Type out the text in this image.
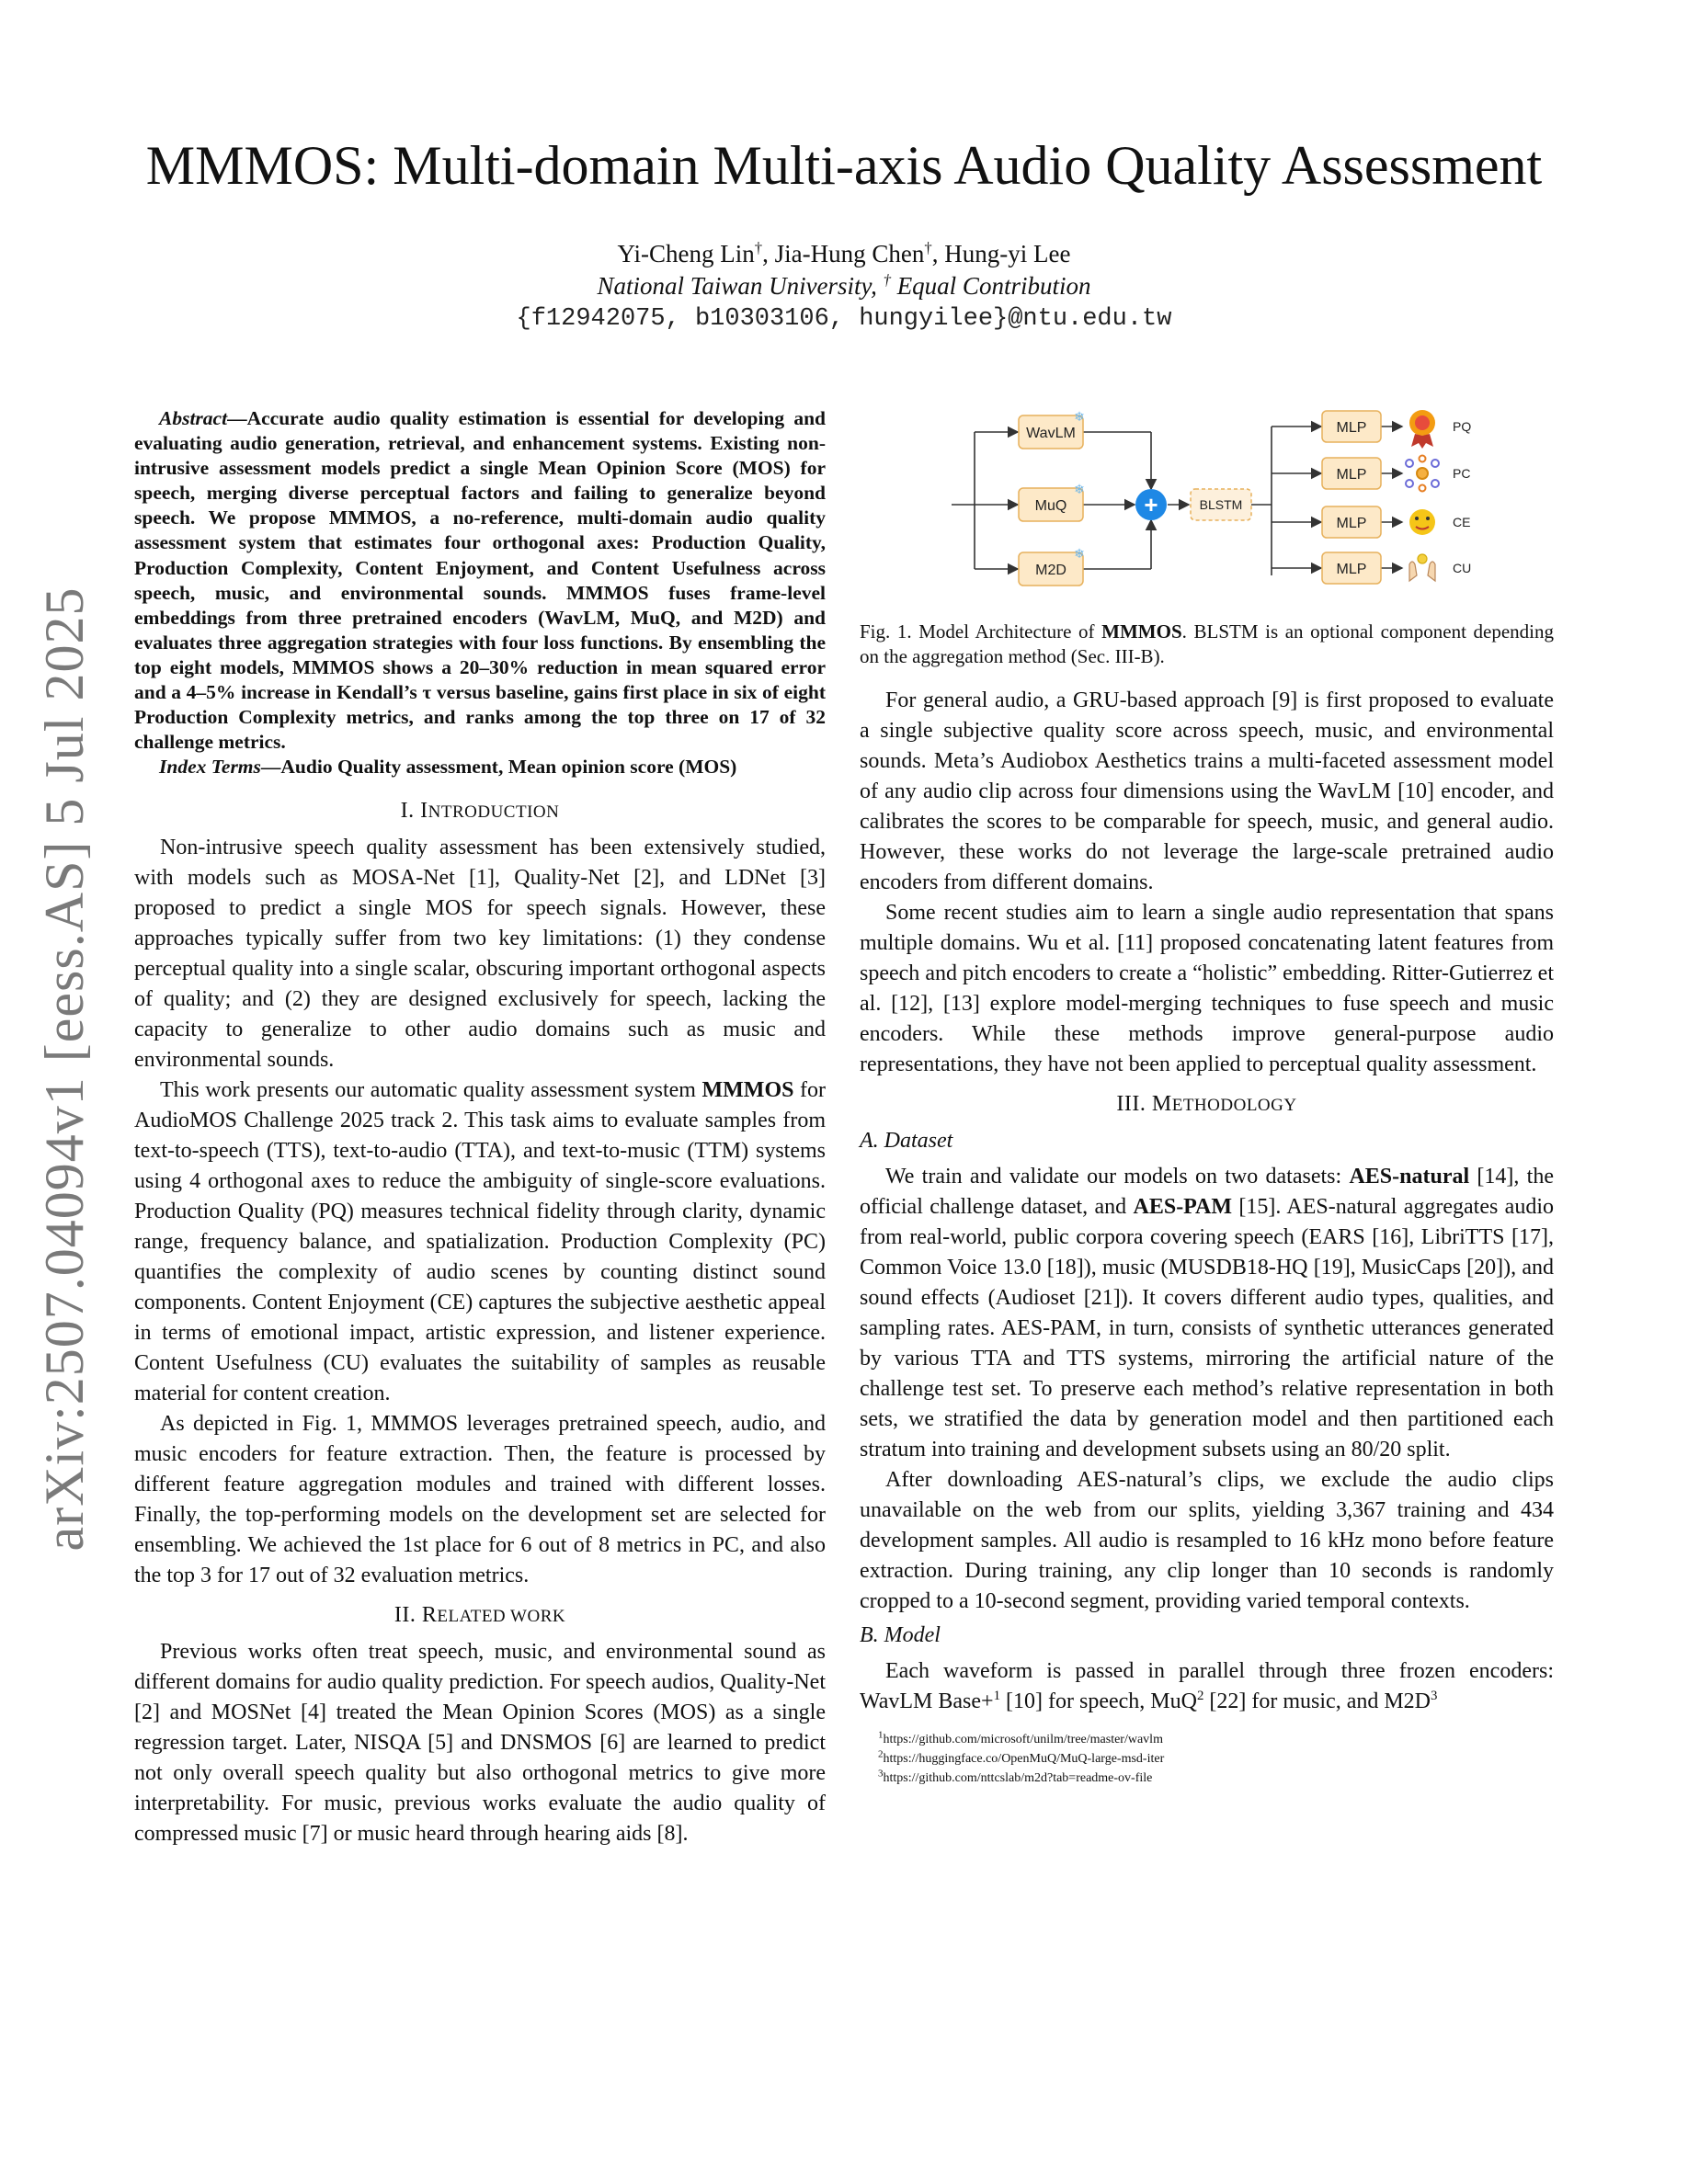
MMMOS: Multi-domain Multi-axis Audio Quality Assessment
Yi-Cheng Lin†, Jia-Hung Chen†, Hung-yi Lee
National Taiwan University, † Equal Contribution
{f12942075, b10303106, hungyilee}@ntu.edu.tw
arXiv:2507.04094v1 [eess.AS] 5 Jul 2025

Abstract—Accurate audio quality estimation is essential for developing and evaluating audio generation, retrieval, and enhancement systems. Existing non-intrusive assessment models predict a single Mean Opinion Score (MOS) for speech, merging diverse perceptual factors and failing to generalize beyond speech. We propose MMMOS, a no-reference, multi-domain audio quality assessment system that estimates four orthogonal axes: Production Quality, Production Complexity, Content Enjoyment, and Content Usefulness across speech, music, and environmental sounds. MMMOS fuses frame-level embeddings from three pretrained encoders (WavLM, MuQ, and M2D) and evaluates three aggregation strategies with four loss functions. By ensembling the top eight models, MMMOS shows a 20–30% reduction in mean squared error and a 4–5% increase in Kendall’s τ versus baseline, gains first place in six of eight Production Complexity metrics, and ranks among the top three on 17 of 32 challenge metrics.

Index Terms—Audio Quality assessment, Mean opinion score (MOS)

I. INTRODUCTION

Non-intrusive speech quality assessment has been extensively studied, with models such as MOSA-Net [1], Quality-Net [2], and LDNet [3] proposed to predict a single MOS for speech signals. However, these approaches typically suffer from two key limitations: (1) they condense perceptual quality into a single scalar, obscuring important orthogonal aspects of quality; and (2) they are designed exclusively for speech, lacking the capacity to generalize to other audio domains such as music and environmental sounds.

This work presents our automatic quality assessment system MMMOS for AudioMOS Challenge 2025 track 2. This task aims to evaluate samples from text-to-speech (TTS), text-to-audio (TTA), and text-to-music (TTM) systems using 4 orthogonal axes to reduce the ambiguity of single-score evaluations. Production Quality (PQ) measures technical fidelity through clarity, dynamic range, frequency balance, and spatialization. Production Complexity (PC) quantifies the complexity of audio scenes by counting distinct sound components. Content Enjoyment (CE) captures the subjective aesthetic appeal in terms of emotional impact, artistic expression, and listener experience. Content Usefulness (CU) evaluates the suitability of samples as reusable material for content creation.

As depicted in Fig. 1, MMMOS leverages pretrained speech, audio, and music encoders for feature extraction. Then, the feature is processed by different feature aggregation modules and trained with different losses. Finally, the top-performing models on the development set are selected for ensembling. We achieved the 1st place for 6 out of 8 metrics in PC, and also the top 3 for 17 out of 32 evaluation metrics.

II. RELATED WORK

Previous works often treat speech, music, and environmental sound as different domains for audio quality prediction. For speech audios, Quality-Net [2] and MOSNet [4] treated the Mean Opinion Scores (MOS) as a single regression target. Later, NISQA [5] and DNSMOS [6] are learned to predict not only overall speech quality but also orthogonal metrics to give more interpretability. For music, previous works evaluate the audio quality of compressed music [7] or music heard through hearing aids [8].

WavLM
❄
MuQ
❄
M2D
❄
+	BLSTM
MLP
MLP
MLP
MLP
PQ
PC
CE
CU

Fig. 1. Model Architecture of MMMOS. BLSTM is an optional component depending on the aggregation method (Sec. III-B).

For general audio, a GRU-based approach [9] is first proposed to evaluate a single subjective quality score across speech, music, and environmental sounds. Meta’s Audiobox Aesthetics trains a multi-faceted assessment model of any audio clip across four dimensions using the WavLM [10] encoder, and calibrates the scores to be comparable for speech, music, and general audio. However, these works do not leverage the large-scale pretrained audio encoders from different domains.

Some recent studies aim to learn a single audio representation that spans multiple domains. Wu et al. [11] proposed concatenating latent features from speech and pitch encoders to create a “holistic” embedding. Ritter-Gutierrez et al. [12], [13] explore model-merging techniques to fuse speech and music encoders. While these methods improve general-purpose audio representations, they have not been applied to perceptual quality assessment.

III. METHODOLOGY
A. Dataset

We train and validate our models on two datasets: AES-natural [14], the official challenge dataset, and AES-PAM [15]. AES-natural aggregates audio from real-world, public corpora covering speech (EARS [16], LibriTTS [17], Common Voice 13.0 [18]), music (MUSDB18-HQ [19], MusicCaps [20]), and sound effects (Audioset [21]). It covers different audio types, qualities, and sampling rates. AES-PAM, in turn, consists of synthetic utterances generated by various TTA and TTS systems, mirroring the artificial nature of the challenge test set. To preserve each method’s relative representation in both sets, we stratified the data by generation model and then partitioned each stratum into training and development subsets using an 80/20 split.

After downloading AES-natural’s clips, we exclude the audio clips unavailable on the web from our splits, yielding 3,367 training and 434 development samples. All audio is resampled to 16 kHz mono before feature extraction. During training, any clip longer than 10 seconds is randomly cropped to a 10-second segment, providing varied temporal contexts.

B. Model

Each waveform is passed in parallel through three frozen encoders: WavLM Base+$^1$ [10] for speech, MuQ$^2$ [22] for music, and $M2D^3$

$^1$https://github.com/microsoft/unilm/tree/master/wavlm
$^2$https://huggingface.co/OpenMuQ/MuQ-large-msd-iter
$^3$https://github.com/nttcslab/m2d?tab=readme-ov-file
